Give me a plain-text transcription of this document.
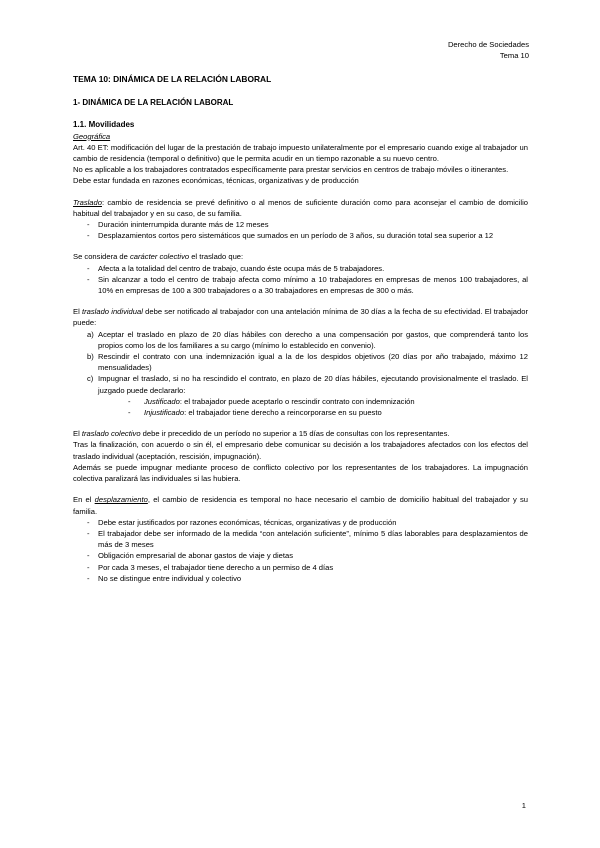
Derecho de Sociedades
Tema 10
TEMA 10: DINÁMICA DE LA RELACIÓN LABORAL
1- DINÁMICA DE LA RELACIÓN LABORAL
1.1. Movilidades

Geográfica

Art. 40 ET: modificación del lugar de la prestación de trabajo impuesto unilateralmente por el empresario cuando exige al trabajador un cambio de residencia (temporal o definitivo) que le permita acudir en un tiempo razonable a su nuevo centro.

No es aplicable a los trabajadores contratados específicamente para prestar servicios en centros de trabajo móviles o itinerantes.

Debe estar fundada en razones económicas, técnicas, organizativas y de producción

Traslado: cambio de residencia se prevé definitivo o al menos de suficiente duración como para aconsejar el cambio de domicilio habitual del trabajador y en su caso, de su familia.

- Duración ininterrumpida durante más de 12 meses
- Desplazamientos cortos pero sistemáticos que sumados en un período de 3 años, su duración total sea superior a 12

Se considera de carácter colectivo el traslado que:

- Afecta a la totalidad del centro de trabajo, cuando éste ocupa más de 5 trabajadores.
- Sin alcanzar a todo el centro de trabajo afecta como mínimo a 10 trabajadores en empresas de menos 100 trabajadores, al 10% en empresas de 100 a 300 trabajadores o a 30 trabajadores en empresas de 300 o más.

El traslado individual debe ser notificado al trabajador con una antelación mínima de 30 días a la fecha de su efectividad. El trabajador puede:

a) Aceptar el traslado en plazo de 20 días hábiles con derecho a una compensación por gastos, que comprenderá tanto los propios como los de los familiares a su cargo (mínimo lo establecido en convenio).
b) Rescindir el contrato con una indemnización igual a la de los despidos objetivos (20 días por año trabajado, máximo 12 mensualidades)
c) Impugnar el traslado, si no ha rescindido el contrato, en plazo de 20 días hábiles, ejecutando provisionalmente el traslado. El juzgado puede declararlo:
- Justificado: el trabajador puede aceptarlo o rescindir contrato con indemnización
- Injustificado: el trabajador tiene derecho a reincorporarse en su puesto

El traslado colectivo debe ir precedido de un período no superior a 15 días de consultas con los representantes.

Tras la finalización, con acuerdo o sin él, el empresario debe comunicar su decisión a los trabajadores afectados con los efectos del traslado individual (aceptación, rescisión, impugnación).

Además se puede impugnar mediante proceso de conflicto colectivo por los representantes de los trabajadores. La impugnación colectiva paralizará las individuales si las hubiera.

En el desplazamiento, el cambio de residencia es temporal no hace necesario el cambio de domicilio habitual del trabajador y su familia.

- Debe estar justificados por razones económicas, técnicas, organizativas y de producción
- El trabajador debe ser informado de la medida “con antelación suficiente”, mínimo 5 días laborables para desplazamientos de más de 3 meses
- Obligación empresarial de abonar gastos de viaje y dietas
- Por cada 3 meses, el trabajador tiene derecho a un permiso de 4 días
- No se distingue entre individual y colectivo
1
